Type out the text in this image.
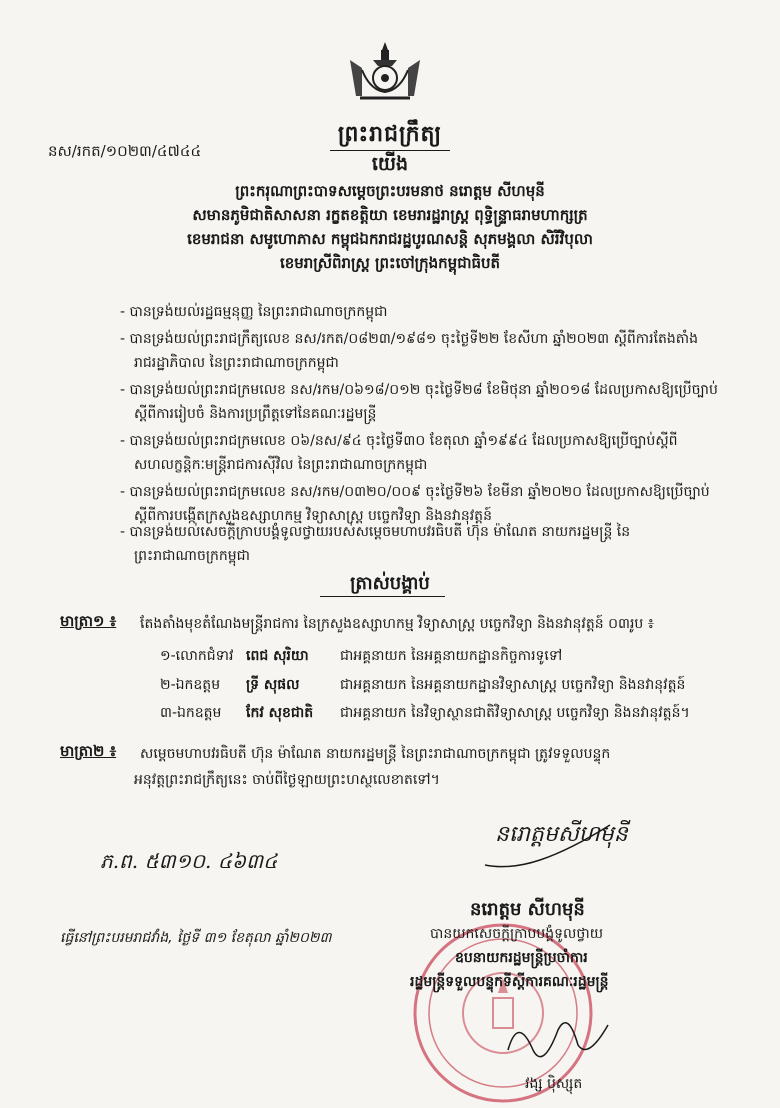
ព្រះរាជក្រឹត្យ
នស/រកត/១០២៣/៤៧៤៤
យើង
ព្រះករុណាព្រះបាទសម្តេចព្រះបរមនាថ នរោត្តម សីហមុនី
សមានភូមិជាតិសាសនា រក្ខតខត្តិយា ខេមរារដ្ឋរាស្ត្រ ពុទ្ធិន្ទ្រាធរាមហាក្សត្រ
ខេមរាជនា សមូហោភាស កម្ពុជឯករាជរដ្ឋបូរណសន្តិ សុភមង្គលា សិរីវិបុលា
ខេមរាស្រីពិរាស្ត្រ ព្រះចៅក្រុងកម្ពុជាធិបតី
- បានទ្រង់យល់រដ្ឋធម្មនុញ្ញ នៃព្រះរាជាណាចក្រកម្ពុជា
- បានទ្រង់យល់ព្រះរាជក្រឹត្យលេខ នស/រកត/០៨២៣/១៩៨១ ចុះថ្ងៃទី២២ ខែសីហា ឆ្នាំ២០២៣ ស្តីពីការតែងតាំង
រាជរដ្ឋាភិបាល នៃព្រះរាជាណាចក្រកម្ពុជា
- បានទ្រង់យល់ព្រះរាជក្រមលេខ នស/រកម/០៦១៨/០១២ ចុះថ្ងៃទី២៨ ខែមិថុនា ឆ្នាំ២០១៨ ដែលប្រកាសឱ្យប្រើច្បាប់
ស្តីពីការរៀបចំ និងការប្រព្រឹត្តទៅនៃគណៈរដ្ឋមន្ត្រី
- បានទ្រង់យល់ព្រះរាជក្រមលេខ ០៦/នស/៩៤ ចុះថ្ងៃទី៣០ ខែតុលា ឆ្នាំ១៩៩៤ ដែលប្រកាសឱ្យប្រើច្បាប់ស្តីពី
សហលក្ខន្តិកៈមន្ត្រីរាជការស៊ីវិល នៃព្រះរាជាណាចក្រកម្ពុជា
- បានទ្រង់យល់ព្រះរាជក្រមលេខ នស/រកម/០៣២០/០០៩ ចុះថ្ងៃទី២៦ ខែមីនា ឆ្នាំ២០២០ ដែលប្រកាសឱ្យប្រើច្បាប់
ស្តីពីការបង្កើតក្រសួងឧស្សាហកម្ម វិទ្យាសាស្ត្រ បច្ចេកវិទ្យា និងនវានុវត្តន៍
- បានទ្រង់យល់សេចក្តីក្រាបបង្គំទូលថ្វាយរបស់សម្តេចមហាបវរធិបតី ហ៊ុន ម៉ាណែត នាយករដ្ឋមន្ត្រី នៃ
ព្រះរាជាណាចក្រកម្ពុជា
ត្រាស់បង្គាប់
មាត្រា១ ៖ តែងតាំងមុខតំណែងមន្ត្រីរាជការ នៃក្រសួងឧស្សាហកម្ម វិទ្យាសាស្ត្រ បច្ចេកវិទ្យា និងនវានុវត្តន៍ ០៣រូប ៖
១-លោកជំទាវ ពេជ សុរិយា ជាអគ្គនាយក នៃអគ្គនាយកដ្ឋានកិច្ចការទូទៅ
២-ឯកឧត្តម ទ្រី សុផល	ជាអគ្គនាយក នៃអគ្គនាយកដ្ឋានវិទ្យាសាស្ត្រ បច្ចេកវិទ្យា និងនវានុវត្តន៍
៣-ឯកឧត្តម កែវ សុខជាតិ ជាអគ្គនាយក នៃវិទ្យាស្ថានជាតិវិទ្យាសាស្ត្រ បច្ចេកវិទ្យា និងនវានុវត្តន៍។
មាត្រា២ ៖ សម្តេចមហាបវរធិបតី ហ៊ុន ម៉ាណែត នាយករដ្ឋមន្ត្រី នៃព្រះរាជាណាចក្រកម្ពុជា ត្រូវទទួលបន្ទុក
អនុវត្តព្រះរាជក្រឹត្យនេះ ចាប់ពីថ្ងៃឡាយព្រះហស្ថលេខាតទៅ។
ភ.ព. ៥៣១០. ៤៦៣៤
នរោត្តមសីហមុនី
នរោត្តម សីហមុនី
ធ្វើនៅព្រះបរមរាជវាំង, ថ្ងៃទី ៣១ ខែតុលា ឆ្នាំ២០២៣	បានយកសេចក្តីក្រាបបង្គំទូលថ្វាយ
ឧបនាយករដ្ឋមន្ត្រីប្រចាំការ
រដ្ឋមន្ត្រីទទួលបន្ទុកទីស្តីការគណៈរដ្ឋមន្ត្រី
វង្ស ប៉ិស្សុត
